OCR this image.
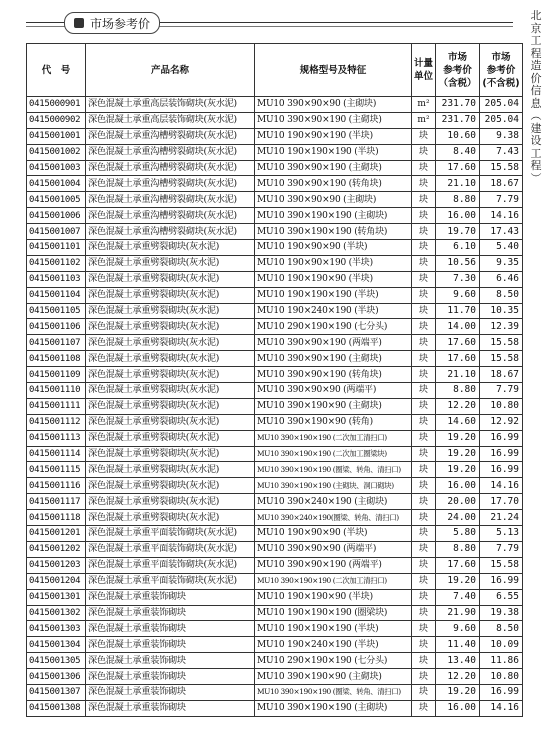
市场参考价
北
京
工
程
造
价
信
息
︵
建
设
工
程
︶
代　号	产品名称	规格型号及特征	计量
单位	市场
参考价
（含税）	市场
参考价
(不含税)
0415000901	深色混凝土承重高层装饰砌块(灰水泥)	MU10 390×90×90 (主砌块)	m²	231.70	205.04
0415000902	深色混凝土承重高层装饰砌块(灰水泥)	MU10 390×90×190 (主砌块)	m²	231.70	205.04
0415001001	深色混凝土承重沟槽劈裂砌块(灰水泥)	MU10 190×90×190 (半块)	块	10.60	9.38
0415001002	深色混凝土承重沟槽劈裂砌块(灰水泥)	MU10 190×190×190 (半块)	块	8.40	7.43
0415001003	深色混凝土承重沟槽劈裂砌块(灰水泥)	MU10 390×90×190 (主砌块)	块	17.60	15.58
0415001004	深色混凝土承重沟槽劈裂砌块(灰水泥)	MU10 390×90×190 (转角块)	块	21.10	18.67
0415001005	深色混凝土承重沟槽劈裂砌块(灰水泥)	MU10 390×90×90 (主砌块)	块	8.80	7.79
0415001006	深色混凝土承重沟槽劈裂砌块(灰水泥)	MU10 390×190×190 (主砌块)	块	16.00	14.16
0415001007	深色混凝土承重沟槽劈裂砌块(灰水泥)	MU10 390×190×190 (转角块)	块	19.70	17.43
0415001101	深色混凝土承重劈裂砌块(灰水泥)	MU10 190×90×90 (半块)	块	6.10	5.40
0415001102	深色混凝土承重劈裂砌块(灰水泥)	MU10 190×90×190 (半块)	块	10.56	9.35
0415001103	深色混凝土承重劈裂砌块(灰水泥)	MU10 190×190×90 (半块)	块	7.30	6.46
0415001104	深色混凝土承重劈裂砌块(灰水泥)	MU10 190×190×190 (半块)	块	9.60	8.50
0415001105	深色混凝土承重劈裂砌块(灰水泥)	MU10 190×240×190 (半块)	块	11.70	10.35
0415001106	深色混凝土承重劈裂砌块(灰水泥)	MU10 290×190×190 (七分头)	块	14.00	12.39
0415001107	深色混凝土承重劈裂砌块(灰水泥)	MU10 390×90×190 (两端平)	块	17.60	15.58
0415001108	深色混凝土承重劈裂砌块(灰水泥)	MU10 390×90×190 (主砌块)	块	17.60	15.58
0415001109	深色混凝土承重劈裂砌块(灰水泥)	MU10 390×90×190 (转角块)	块	21.10	18.67
0415001110	深色混凝土承重劈裂砌块(灰水泥)	MU10 390×90×90 (两端平)	块	8.80	7.79
0415001111	深色混凝土承重劈裂砌块(灰水泥)	MU10 390×190×90 (主砌块)	块	12.20	10.80
0415001112	深色混凝土承重劈裂砌块(灰水泥)	MU10 390×190×90 (转角)	块	14.60	12.92
0415001113	深色混凝土承重劈裂砌块(灰水泥)	MU10 390×190×190 (二次加工清扫口)	块	19.20	16.99
0415001114	深色混凝土承重劈裂砌块(灰水泥)	MU10 390×190×190 (二次加工圈梁块)	块	19.20	16.99
0415001115	深色混凝土承重劈裂砌块(灰水泥)	MU10 390×190×190 (圈梁、转角、清扫口)	块	19.20	16.99
0415001116	深色混凝土承重劈裂砌块(灰水泥)	MU10 390×190×190 (主砌块、洞口砌块)	块	16.00	14.16
0415001117	深色混凝土承重劈裂砌块(灰水泥)	MU10 390×240×190 (主砌块)	块	20.00	17.70
0415001118	深色混凝土承重劈裂砌块(灰水泥)	MU10 390×240×190(圈梁、转角、清扫口)	块	24.00	21.24
0415001201	深色混凝土承重平面装饰砌块(灰水泥)	MU10 190×90×90 (半块)	块	5.80	5.13
0415001202	深色混凝土承重平面装饰砌块(灰水泥)	MU10 390×90×90 (两端平)	块	8.80	7.79
0415001203	深色混凝土承重平面装饰砌块(灰水泥)	MU10 390×90×190 (两端平)	块	17.60	15.58
0415001204	深色混凝土承重平面装饰砌块(灰水泥)	MU10 390×190×190 (二次加工清扫口)	块	19.20	16.99
0415001301	深色混凝土承重装饰砌块	MU10 190×190×90 (半块)	块	7.40	6.55
0415001302	深色混凝土承重装饰砌块	MU10 190×190×190 (圈梁块)	块	21.90	19.38
0415001303	深色混凝土承重装饰砌块	MU10 190×190×190 (半块)	块	9.60	8.50
0415001304	深色混凝土承重装饰砌块	MU10 190×240×190 (半块)	块	11.40	10.09
0415001305	深色混凝土承重装饰砌块	MU10 290×190×190 (七分头)	块	13.40	11.86
0415001306	深色混凝土承重装饰砌块	MU10 390×190×90 (主砌块)	块	12.20	10.80
0415001307	深色混凝土承重装饰砌块	MU10 390×190×190 (圈梁、转角、清扫口)	块	19.20	16.99
0415001308	深色混凝土承重装饰砌块	MU10 390×190×190 (主砌块)	块	16.00	14.16
